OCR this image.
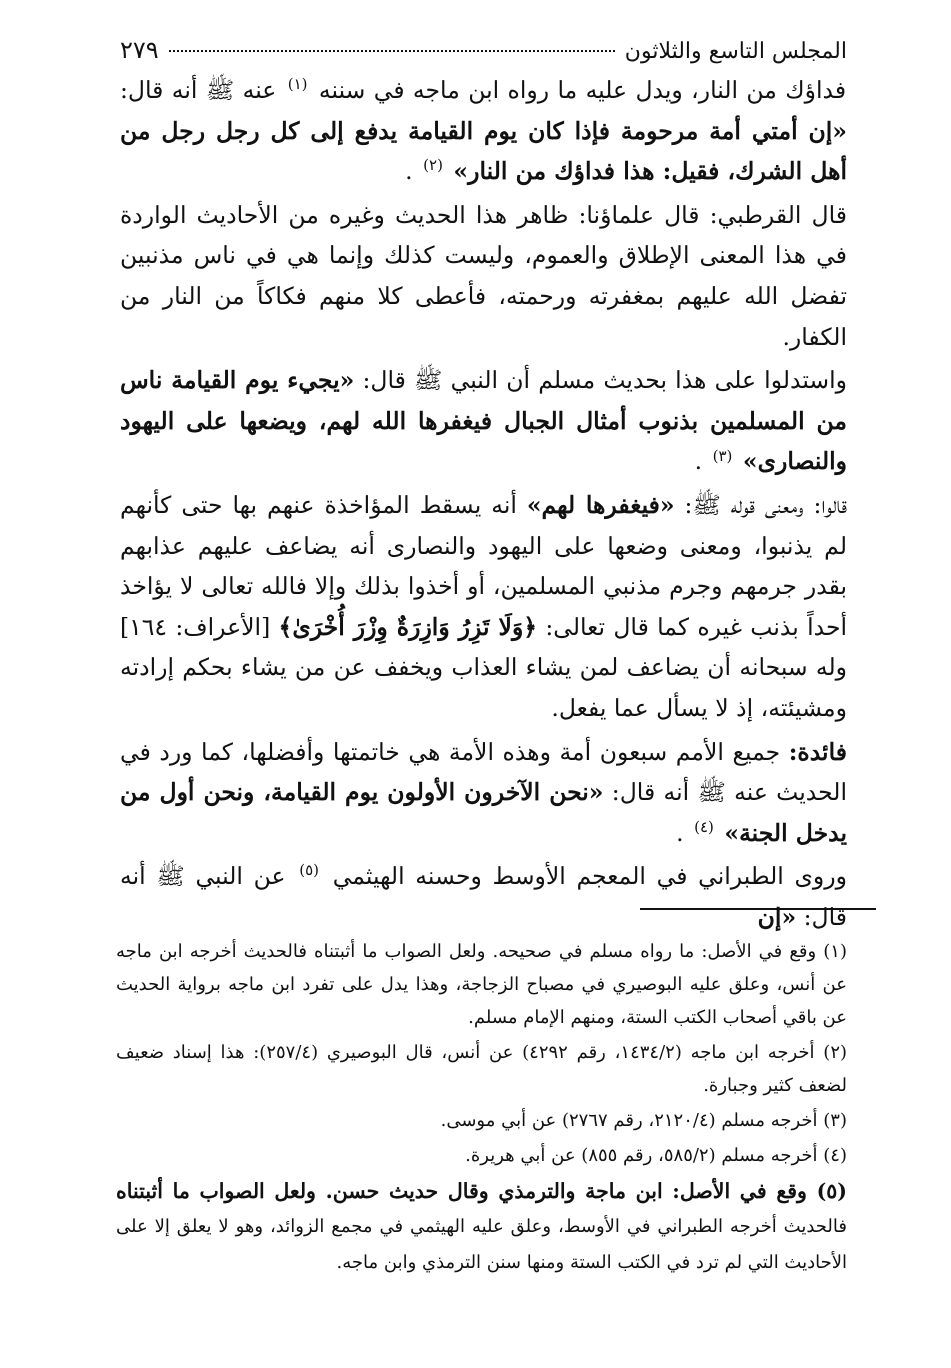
المجلس التاسع والثلاثون
٢٧٩

فداؤك من النار، ويدل عليه ما رواه ابن ماجه في سننه $^{(١)}$ عنه ﷺ أنه قال: «إن أمتي أمة مرحومة فإذا كان يوم القيامة يدفع إلى كل رجل رجل من أهل الشرك، فقيل: هذا فداؤك من النار» $^{(٢)}$ .

قال القرطبي: قال علماؤنا: ظاهر هذا الحديث وغيره من الأحاديث الواردة في هذا المعنى الإطلاق والعموم، وليست كذلك وإنما هي في ناس مذنبين تفضل الله عليهم بمغفرته ورحمته، فأعطى كلا منهم فكاكاً من النار من الكفار.

واستدلوا على هذا بحديث مسلم أن النبي ﷺ قال: «يجيء يوم القيامة ناس من المسلمين بذنوب أمثال الجبال فيغفرها الله لهم، ويضعها على اليهود والنصارى» $^{(٣)}$ .

قالوا: ومعنى قوله ﷺ: «فيغفرها لهم» أنه يسقط المؤاخذة عنهم بها حتى كأنهم لم يذنبوا، ومعنى وضعها على اليهود والنصارى أنه يضاعف عليهم عذابهم بقدر جرمهم وجرم مذنبي المسلمين، أو أخذوا بذلك وإلا فالله تعالى لا يؤاخذ أحداً بذنب غيره كما قال تعالى: ﴿وَلَا تَزِرُ وَازِرَةٌ وِزْرَ أُخْرَىٰ﴾ [الأعراف: ١٦٤] وله سبحانه أن يضاعف لمن يشاء العذاب ويخفف عن من يشاء بحكم إرادته ومشيئته، إذ لا يسأل عما يفعل.

فائدة: جميع الأمم سبعون أمة وهذه الأمة هي خاتمتها وأفضلها، كما ورد في الحديث عنه ﷺ أنه قال: «نحن الآخرون الأولون يوم القيامة، ونحن أول من يدخل الجنة» $^{(٤)}$ .

وروى الطبراني في المعجم الأوسط وحسنه الهيثمي $^{(٥)}$ عن النبي ﷺ أنه قال: «إن

(١) وقع في الأصل: ما رواه مسلم في صحيحه. ولعل الصواب ما أثبتناه فالحديث أخرجه ابن ماجه عن أنس، وعلق عليه البوصيري في مصباح الزجاجة، وهذا يدل على تفرد ابن ماجه برواية الحديث عن باقي أصحاب الكتب الستة، ومنهم الإمام مسلم.

(٢) أخرجه ابن ماجه (١٤٣٤/٢، رقم ٤٢٩٢) عن أنس، قال البوصيري (٢٥٧/٤): هذا إسناد ضعيف لضعف كثير وجبارة.

(٣) أخرجه مسلم (٢١٢٠/٤، رقم ٢٧٦٧) عن أبي موسى.

(٤) أخرجه مسلم (٥٨٥/٢، رقم ٨٥٥) عن أبي هريرة.

(٥) وقع في الأصل: ابن ماجة والترمذي وقال حديث حسن. ولعل الصواب ما أثبتناه فالحديث أخرجه الطبراني في الأوسط، وعلق عليه الهيثمي في مجمع الزوائد، وهو لا يعلق إلا على الأحاديث التي لم ترد في الكتب الستة ومنها سنن الترمذي وابن ماجه.
